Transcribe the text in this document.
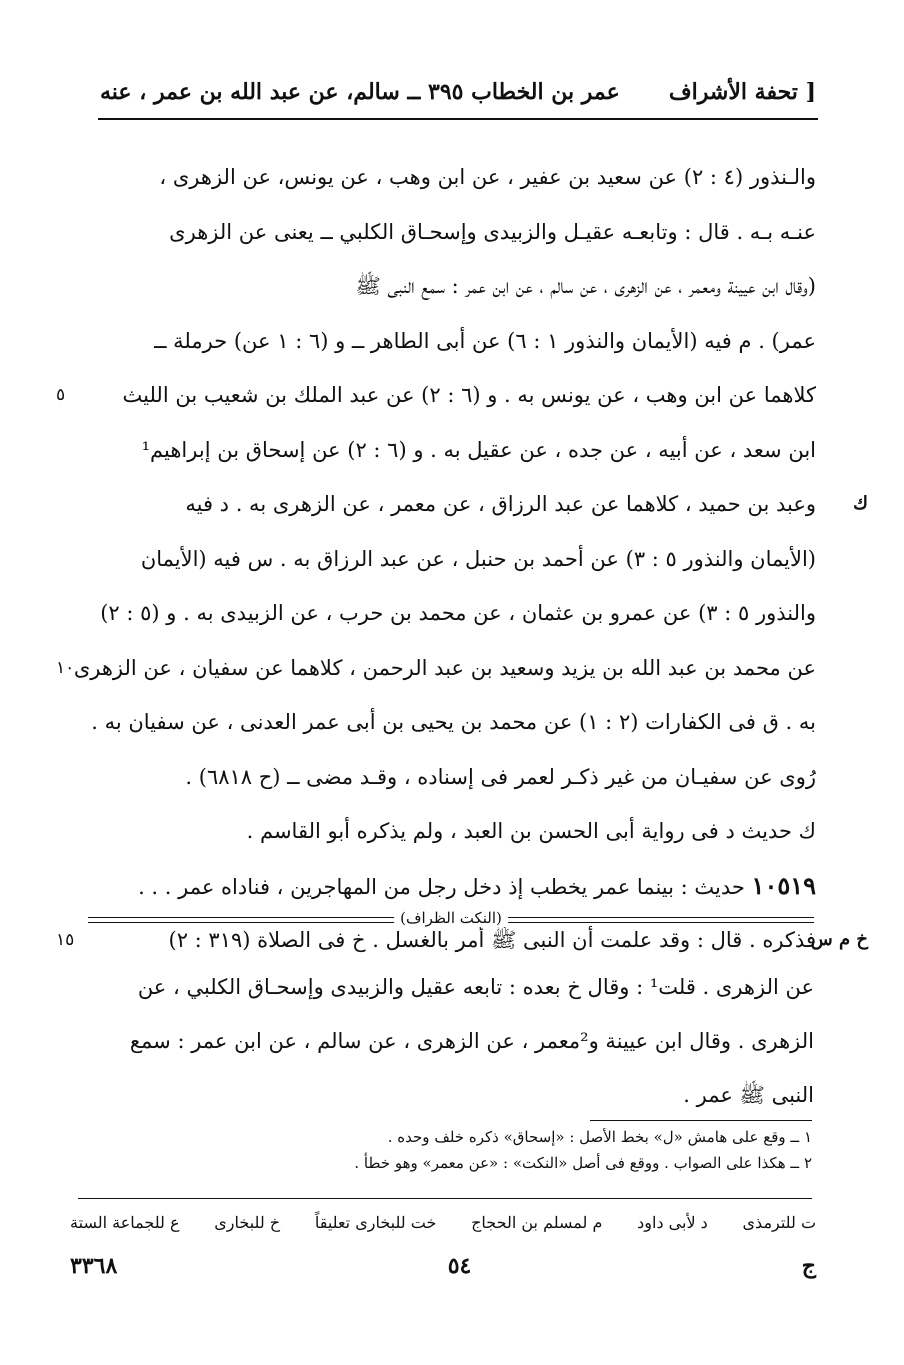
عمر بن الخطاب ٣٩٥ ــ سالم، عن عبد الله بن عمر ، عنه [ تحفة الأشراف
والـنذور (٤ : ٢) عن سعيد بن عفير ، عن ابن وهب ، عن يونس، عن الزهرى ،
عنـه بـه . قال : وتابعـه عقيـل والزبيدى وإسحـاق الكلبي ــ يعنى عن الزهرى
(وقال ابن عيينة ومعمر ، عن الزهرى ، عن سالم ، عن ابن عمر : سمع النبى ﷺ
عمر) . م فيه (الأيمان والنذور ١ : ٦) عن أبى الطاهر ــ و (٦ : ١ عن) حرملة ــ
كلاهما عن ابن وهب ، عن يونس به . و (٦ : ٢) عن عبد الملك بن شعيب بن الليث
٥
ابن سعد ، عن أبيه ، عن جده ، عن عقيل به . و (٦ : ٢) عن إسحاق بن إبراهيم¹
ك
وعبد بن حميد ، كلاهما عن عبد الرزاق ، عن معمر ، عن الزهرى به . د فيه
(الأيمان والنذور ٥ : ٣) عن أحمد بن حنبل ، عن عبد الرزاق به . س فيه (الأيمان
والنذور ٥ : ٣) عن عمرو بن عثمان ، عن محمد بن حرب ، عن الزبيدى به . و (٥ : ٢)
عن محمد بن عبد الله بن يزيد وسعيد بن عبد الرحمن ، كلاهما عن سفيان ، عن الزهرى
١٠
به . ق فى الكفارات (٢ : ١) عن محمد بن يحيى بن أبى عمر العدنى ، عن سفيان به .
رُوى عن سفيـان من غير ذكـر لعمر فى إسناده ، وقـد مضى ــ (ح ٦٨١٨) .
ك حديث د فى رواية أبى الحسن بن العبد ، ولم يذكره أبو القاسم .
١٠٥١٩ حديث : بينما عمر يخطب إذ دخل رجل من المهاجرين ، فناداه عمر . . .
خ م س
فذكره . قال : وقد علمت أن النبى ﷺ أمر بالغسل . خ فى الصلاة (٣١٩ : ٢)
١٥
(النكت الظراف)
عن الزهرى . قلت¹ : وقال خ بعده : تابعه عقيل والزبيدى وإسحـاق الكلبي ، عن
الزهرى . وقال ابن عيينة و²معمر ، عن الزهرى ، عن سالم ، عن ابن عمر : سمع
النبى ﷺ عمر .
١ ــ وقع على هامش «ل» بخط الأصل : «إسحاق» ذكره خلف وحده .
٢ ــ هكذا على الصواب . ووقع فى أصل «النكت» : «عن معمر» وهو خطأ .
ع للجماعة الستة خ للبخارى خت للبخارى تعليقاً م لمسلم بن الحجاج د لأبى داود ت للترمذى
٣٣٦٨	٥٤	ج
